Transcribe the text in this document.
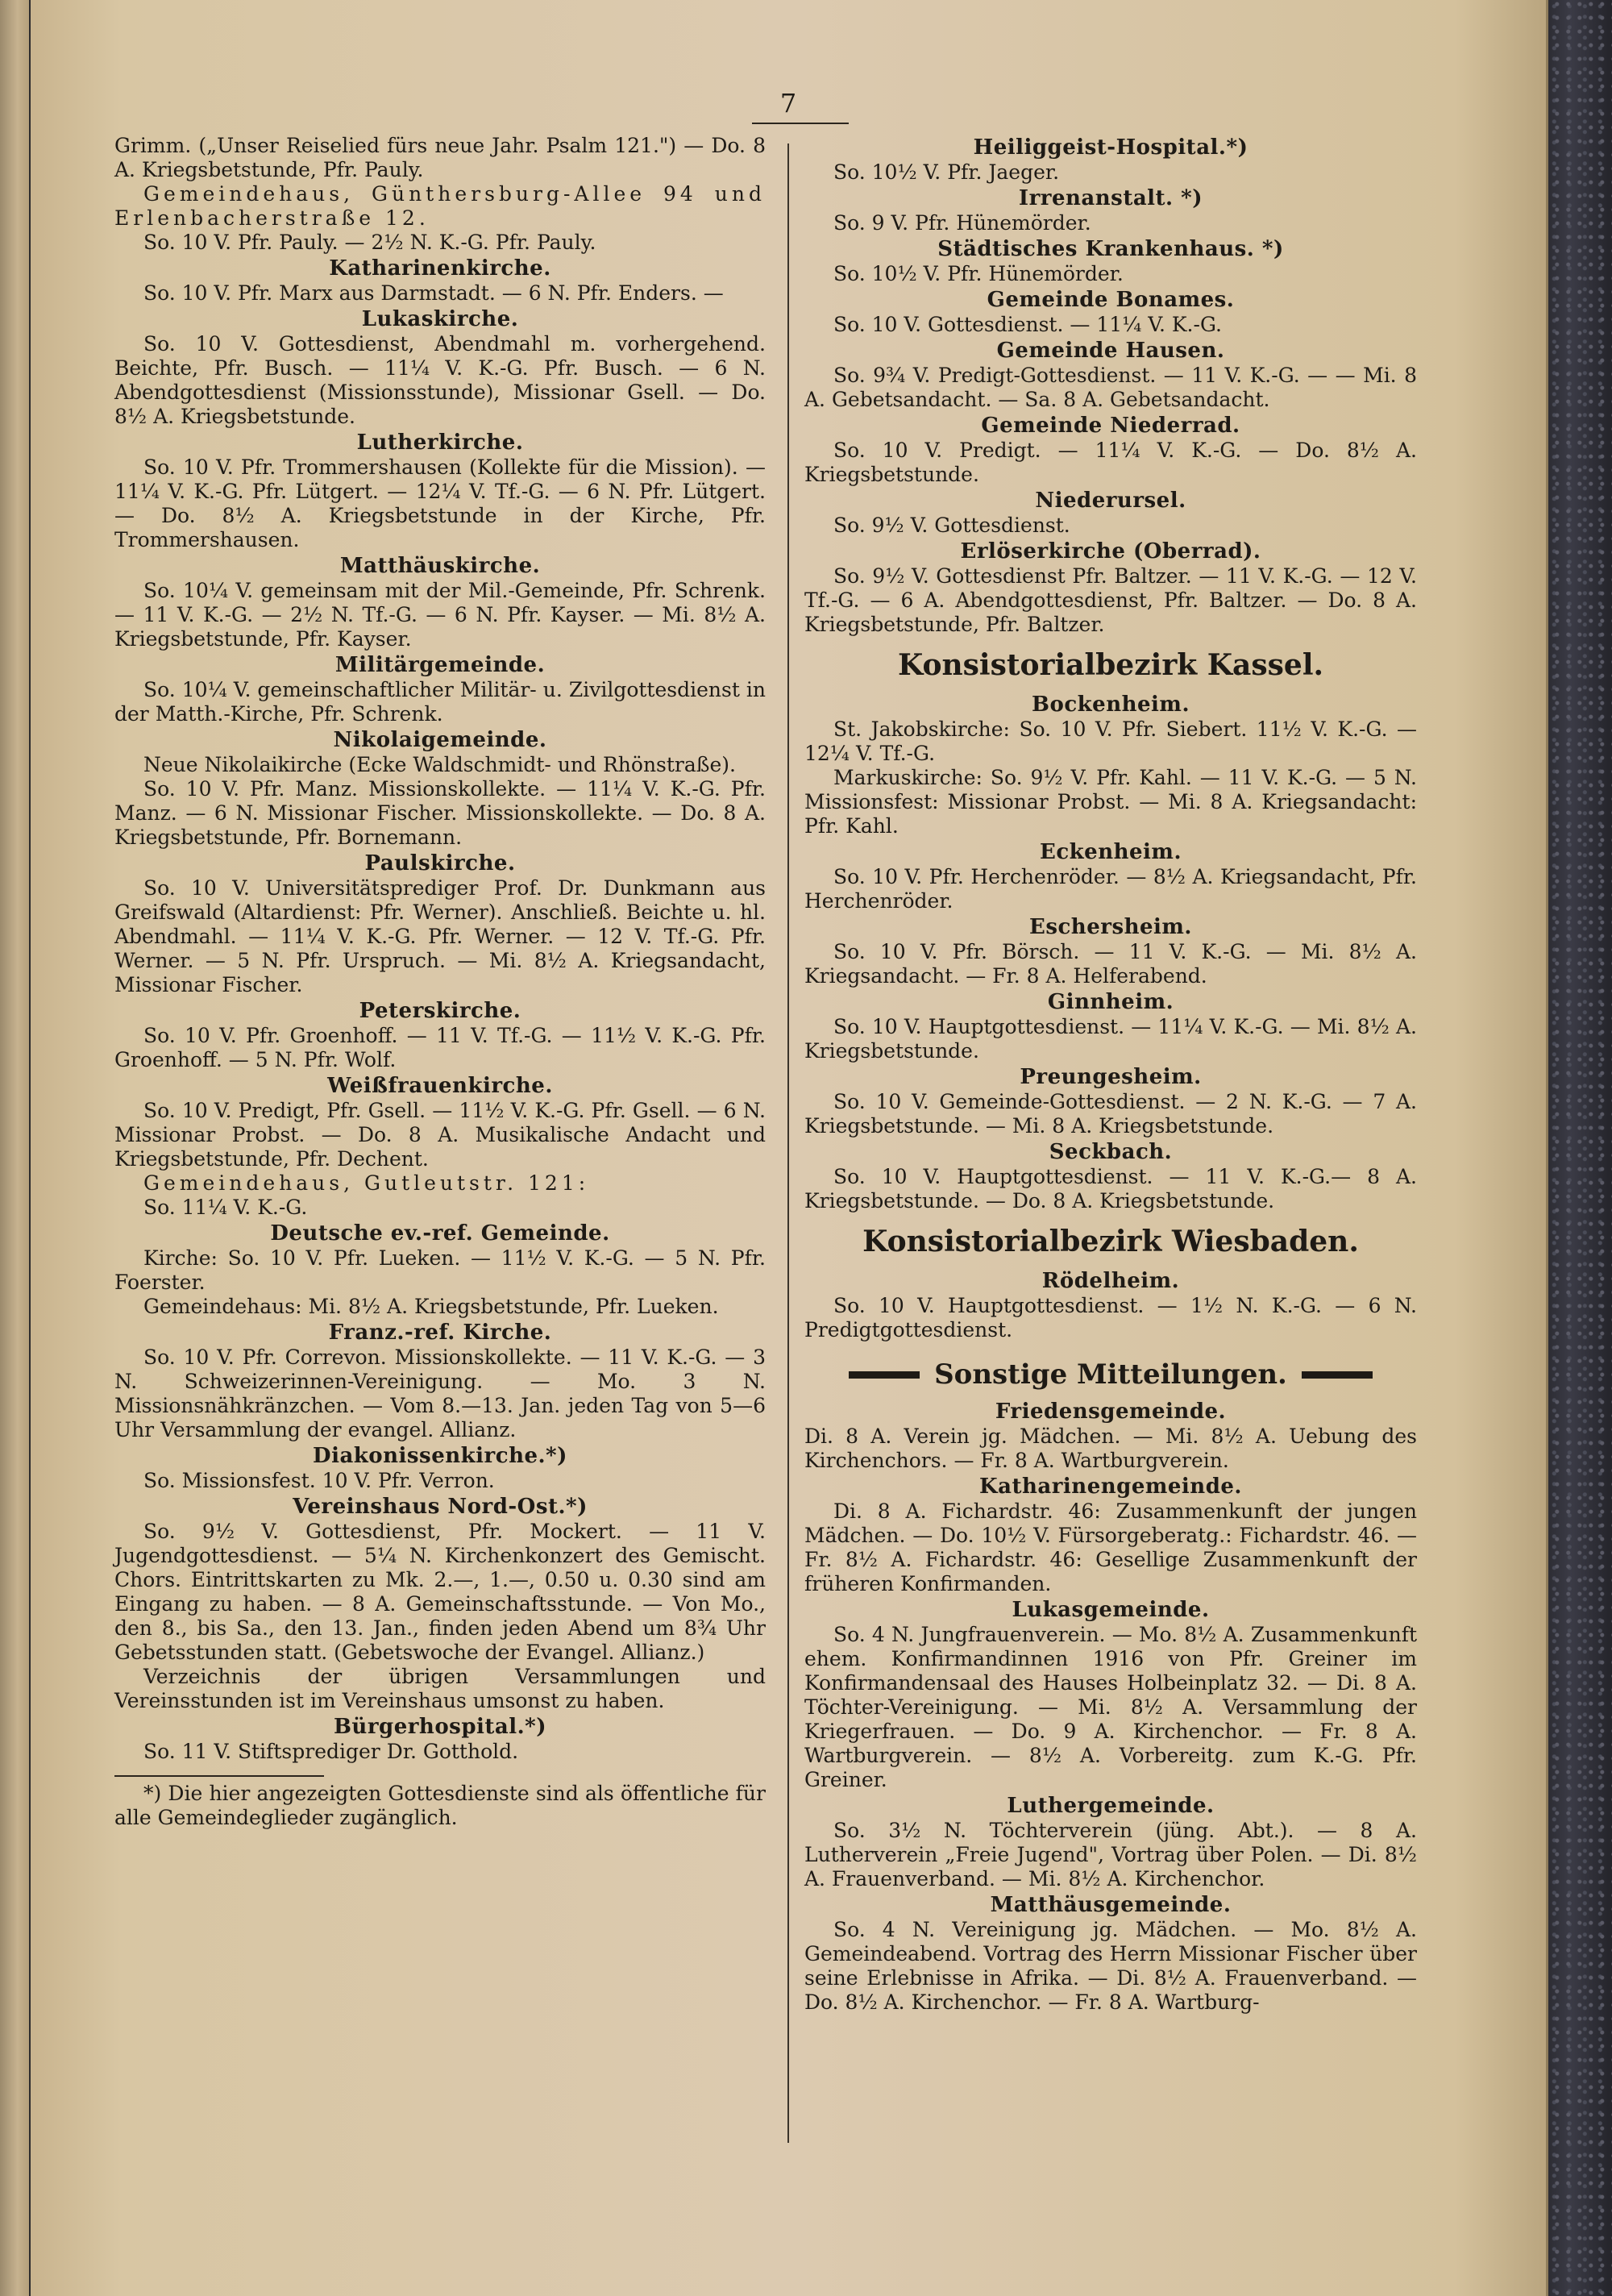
7

Grimm. („Unser Reiselied fürs neue Jahr. Psalm 121.") — Do. 8 A. Kriegsbetstunde, Pfr. Pauly.

Gemeindehaus, Günthersburg-Allee 94 und Erlenbacherstraße 12.

So. 10 V. Pfr. Pauly. — 2½ N. K.-G. Pfr. Pauly.

Katharinenkirche.

So. 10 V. Pfr. Marx aus Darmstadt. — 6 N. Pfr. Enders. —

Lukaskirche.

So. 10 V. Gottesdienst, Abendmahl m. vorhergehend. Beichte, Pfr. Busch. — 11¼ V. K.-G. Pfr. Busch. — 6 N. Abendgottesdienst (Missionsstunde), Missionar Gsell. — Do. 8½ A. Kriegsbetstunde.

Lutherkirche.

So. 10 V. Pfr. Trommershausen (Kollekte für die Mission). — 11¼ V. K.-G. Pfr. Lütgert. — 12¼ V. Tf.-G. — 6 N. Pfr. Lütgert. — Do. 8½ A. Kriegsbetstunde in der Kirche, Pfr. Trommershausen.

Matthäuskirche.

So. 10¼ V. gemeinsam mit der Mil.-Gemeinde, Pfr. Schrenk. — 11 V. K.-G. — 2½ N. Tf.-G. — 6 N. Pfr. Kayser. — Mi. 8½ A. Kriegsbetstunde, Pfr. Kayser.

Militärgemeinde.

So. 10¼ V. gemeinschaftlicher Militär- u. Zivilgottesdienst in der Matth.-Kirche, Pfr. Schrenk.

Nikolaigemeinde.

Neue Nikolaikirche (Ecke Waldschmidt- und Rhönstraße).

So. 10 V. Pfr. Manz. Missionskollekte. — 11¼ V. K.-G. Pfr. Manz. — 6 N. Missionar Fischer. Missionskollekte. — Do. 8 A. Kriegsbetstunde, Pfr. Bornemann.

Paulskirche.

So. 10 V. Universitätsprediger Prof. Dr. Dunkmann aus Greifswald (Altardienst: Pfr. Werner). Anschließ. Beichte u. hl. Abendmahl. — 11¼ V. K.-G. Pfr. Werner. — 12 V. Tf.-G. Pfr. Werner. — 5 N. Pfr. Urspruch. — Mi. 8½ A. Kriegsandacht, Missionar Fischer.

Peterskirche.

So. 10 V. Pfr. Groenhoff. — 11 V. Tf.-G. — 11½ V. K.-G. Pfr. Groenhoff. — 5 N. Pfr. Wolf.

Weißfrauenkirche.

So. 10 V. Predigt, Pfr. Gsell. — 11½ V. K.-G. Pfr. Gsell. — 6 N. Missionar Probst. — Do. 8 A. Musikalische Andacht und Kriegsbetstunde, Pfr. Dechent.

Gemeindehaus, Gutleutstr. 121:

So. 11¼ V. K.-G.

Deutsche ev.-ref. Gemeinde.

Kirche: So. 10 V. Pfr. Lueken. — 11½ V. K.-G. — 5 N. Pfr. Foerster.

Gemeindehaus: Mi. 8½ A. Kriegsbetstunde, Pfr. Lueken.

Franz.-ref. Kirche.

So. 10 V. Pfr. Correvon. Missionskollekte. — 11 V. K.-G. — 3 N. Schweizerinnen-Vereinigung. — Mo. 3 N. Missionsnähkränzchen. — Vom 8.—13. Jan. jeden Tag von 5—6 Uhr Versammlung der evangel. Allianz.

Diakonissenkirche.*)

So. Missionsfest. 10 V. Pfr. Verron.

Vereinshaus Nord-Ost.*)

So. 9½ V. Gottesdienst, Pfr. Mockert. — 11 V. Jugendgottesdienst. — 5¼ N. Kirchenkonzert des Gemischt. Chors. Eintrittskarten zu Mk. 2.—, 1.—, 0.50 u. 0.30 sind am Eingang zu haben. — 8 A. Gemeinschaftsstunde. — Von Mo., den 8., bis Sa., den 13. Jan., finden jeden Abend um 8¾ Uhr Gebetsstunden statt. (Gebetswoche der Evangel. Allianz.)

Verzeichnis der übrigen Versammlungen und Vereinsstunden ist im Vereinshaus umsonst zu haben.

Bürgerhospital.*)

So. 11 V. Stiftsprediger Dr. Gotthold.

*) Die hier angezeigten Gottesdienste sind als öffentliche für alle Gemeindeglieder zugänglich.

Heiliggeist-Hospital.*)

So. 10½ V. Pfr. Jaeger.

Irrenanstalt. *)

So. 9 V. Pfr. Hünemörder.

Städtisches Krankenhaus. *)

So. 10½ V. Pfr. Hünemörder.

Gemeinde Bonames.

So. 10 V. Gottesdienst. — 11¼ V. K.-G.

Gemeinde Hausen.

So. 9¾ V. Predigt-Gottesdienst. — 11 V. K.-G. — — Mi. 8 A. Gebetsandacht. — Sa. 8 A. Gebetsandacht.

Gemeinde Niederrad.

So. 10 V. Predigt. — 11¼ V. K.-G. — Do. 8½ A. Kriegsbetstunde.

Niederursel.

So. 9½ V. Gottesdienst.

Erlöserkirche (Oberrad).

So. 9½ V. Gottesdienst Pfr. Baltzer. — 11 V. K.-G. — 12 V. Tf.-G. — 6 A. Abendgottesdienst, Pfr. Baltzer. — Do. 8 A. Kriegsbetstunde, Pfr. Baltzer.

Konsistorialbezirk Kassel.
Bockenheim.

St. Jakobskirche: So. 10 V. Pfr. Siebert. 11½ V. K.-G. — 12¼ V. Tf.-G.

Markuskirche: So. 9½ V. Pfr. Kahl. — 11 V. K.-G. — 5 N. Missionsfest: Missionar Probst. — Mi. 8 A. Kriegsandacht: Pfr. Kahl.

Eckenheim.

So. 10 V. Pfr. Herchenröder. — 8½ A. Kriegsandacht, Pfr. Herchenröder.

Eschersheim.

So. 10 V. Pfr. Börsch. — 11 V. K.-G. — Mi. 8½ A. Kriegsandacht. — Fr. 8 A. Helferabend.

Ginnheim.

So. 10 V. Hauptgottesdienst. — 11¼ V. K.-G. — Mi. 8½ A. Kriegsbetstunde.

Preungesheim.

So. 10 V. Gemeinde-Gottesdienst. — 2 N. K.-G. — 7 A. Kriegsbetstunde. — Mi. 8 A. Kriegsbetstunde.

Seckbach.

So. 10 V. Hauptgottesdienst. — 11 V. K.-G.— 8 A. Kriegsbetstunde. — Do. 8 A. Kriegsbetstunde.

Konsistorialbezirk Wiesbaden.
Rödelheim.

So. 10 V. Hauptgottesdienst. — 1½ N. K.-G. — 6 N. Predigtgottesdienst.

Sonstige Mitteilungen.
Friedensgemeinde.

Di. 8 A. Verein jg. Mädchen. — Mi. 8½ A. Uebung des Kirchenchors. — Fr. 8 A. Wartburgverein.

Katharinengemeinde.

Di. 8 A. Fichardstr. 46: Zusammenkunft der jungen Mädchen. — Do. 10½ V. Fürsorgeberatg.: Fichardstr. 46. — Fr. 8½ A. Fichardstr. 46: Gesellige Zusammenkunft der früheren Konfirmanden.

Lukasgemeinde.

So. 4 N. Jungfrauenverein. — Mo. 8½ A. Zusammenkunft ehem. Konfirmandinnen 1916 von Pfr. Greiner im Konfirmandensaal des Hauses Holbeinplatz 32. — Di. 8 A. Töchter-Vereinigung. — Mi. 8½ A. Versammlung der Kriegerfrauen. — Do. 9 A. Kirchenchor. — Fr. 8 A. Wartburgverein. — 8½ A. Vorbereitg. zum K.-G. Pfr. Greiner.

Luthergemeinde.

So. 3½ N. Töchterverein (jüng. Abt.). — 8 A. Lutherverein „Freie Jugend", Vortrag über Polen. — Di. 8½ A. Frauenverband. — Mi. 8½ A. Kirchenchor.

Matthäusgemeinde.

So. 4 N. Vereinigung jg. Mädchen. — Mo. 8½ A. Gemeindeabend. Vortrag des Herrn Missionar Fischer über seine Erlebnisse in Afrika. — Di. 8½ A. Frauenverband. — Do. 8½ A. Kirchenchor. — Fr. 8 A. Wartburg-
